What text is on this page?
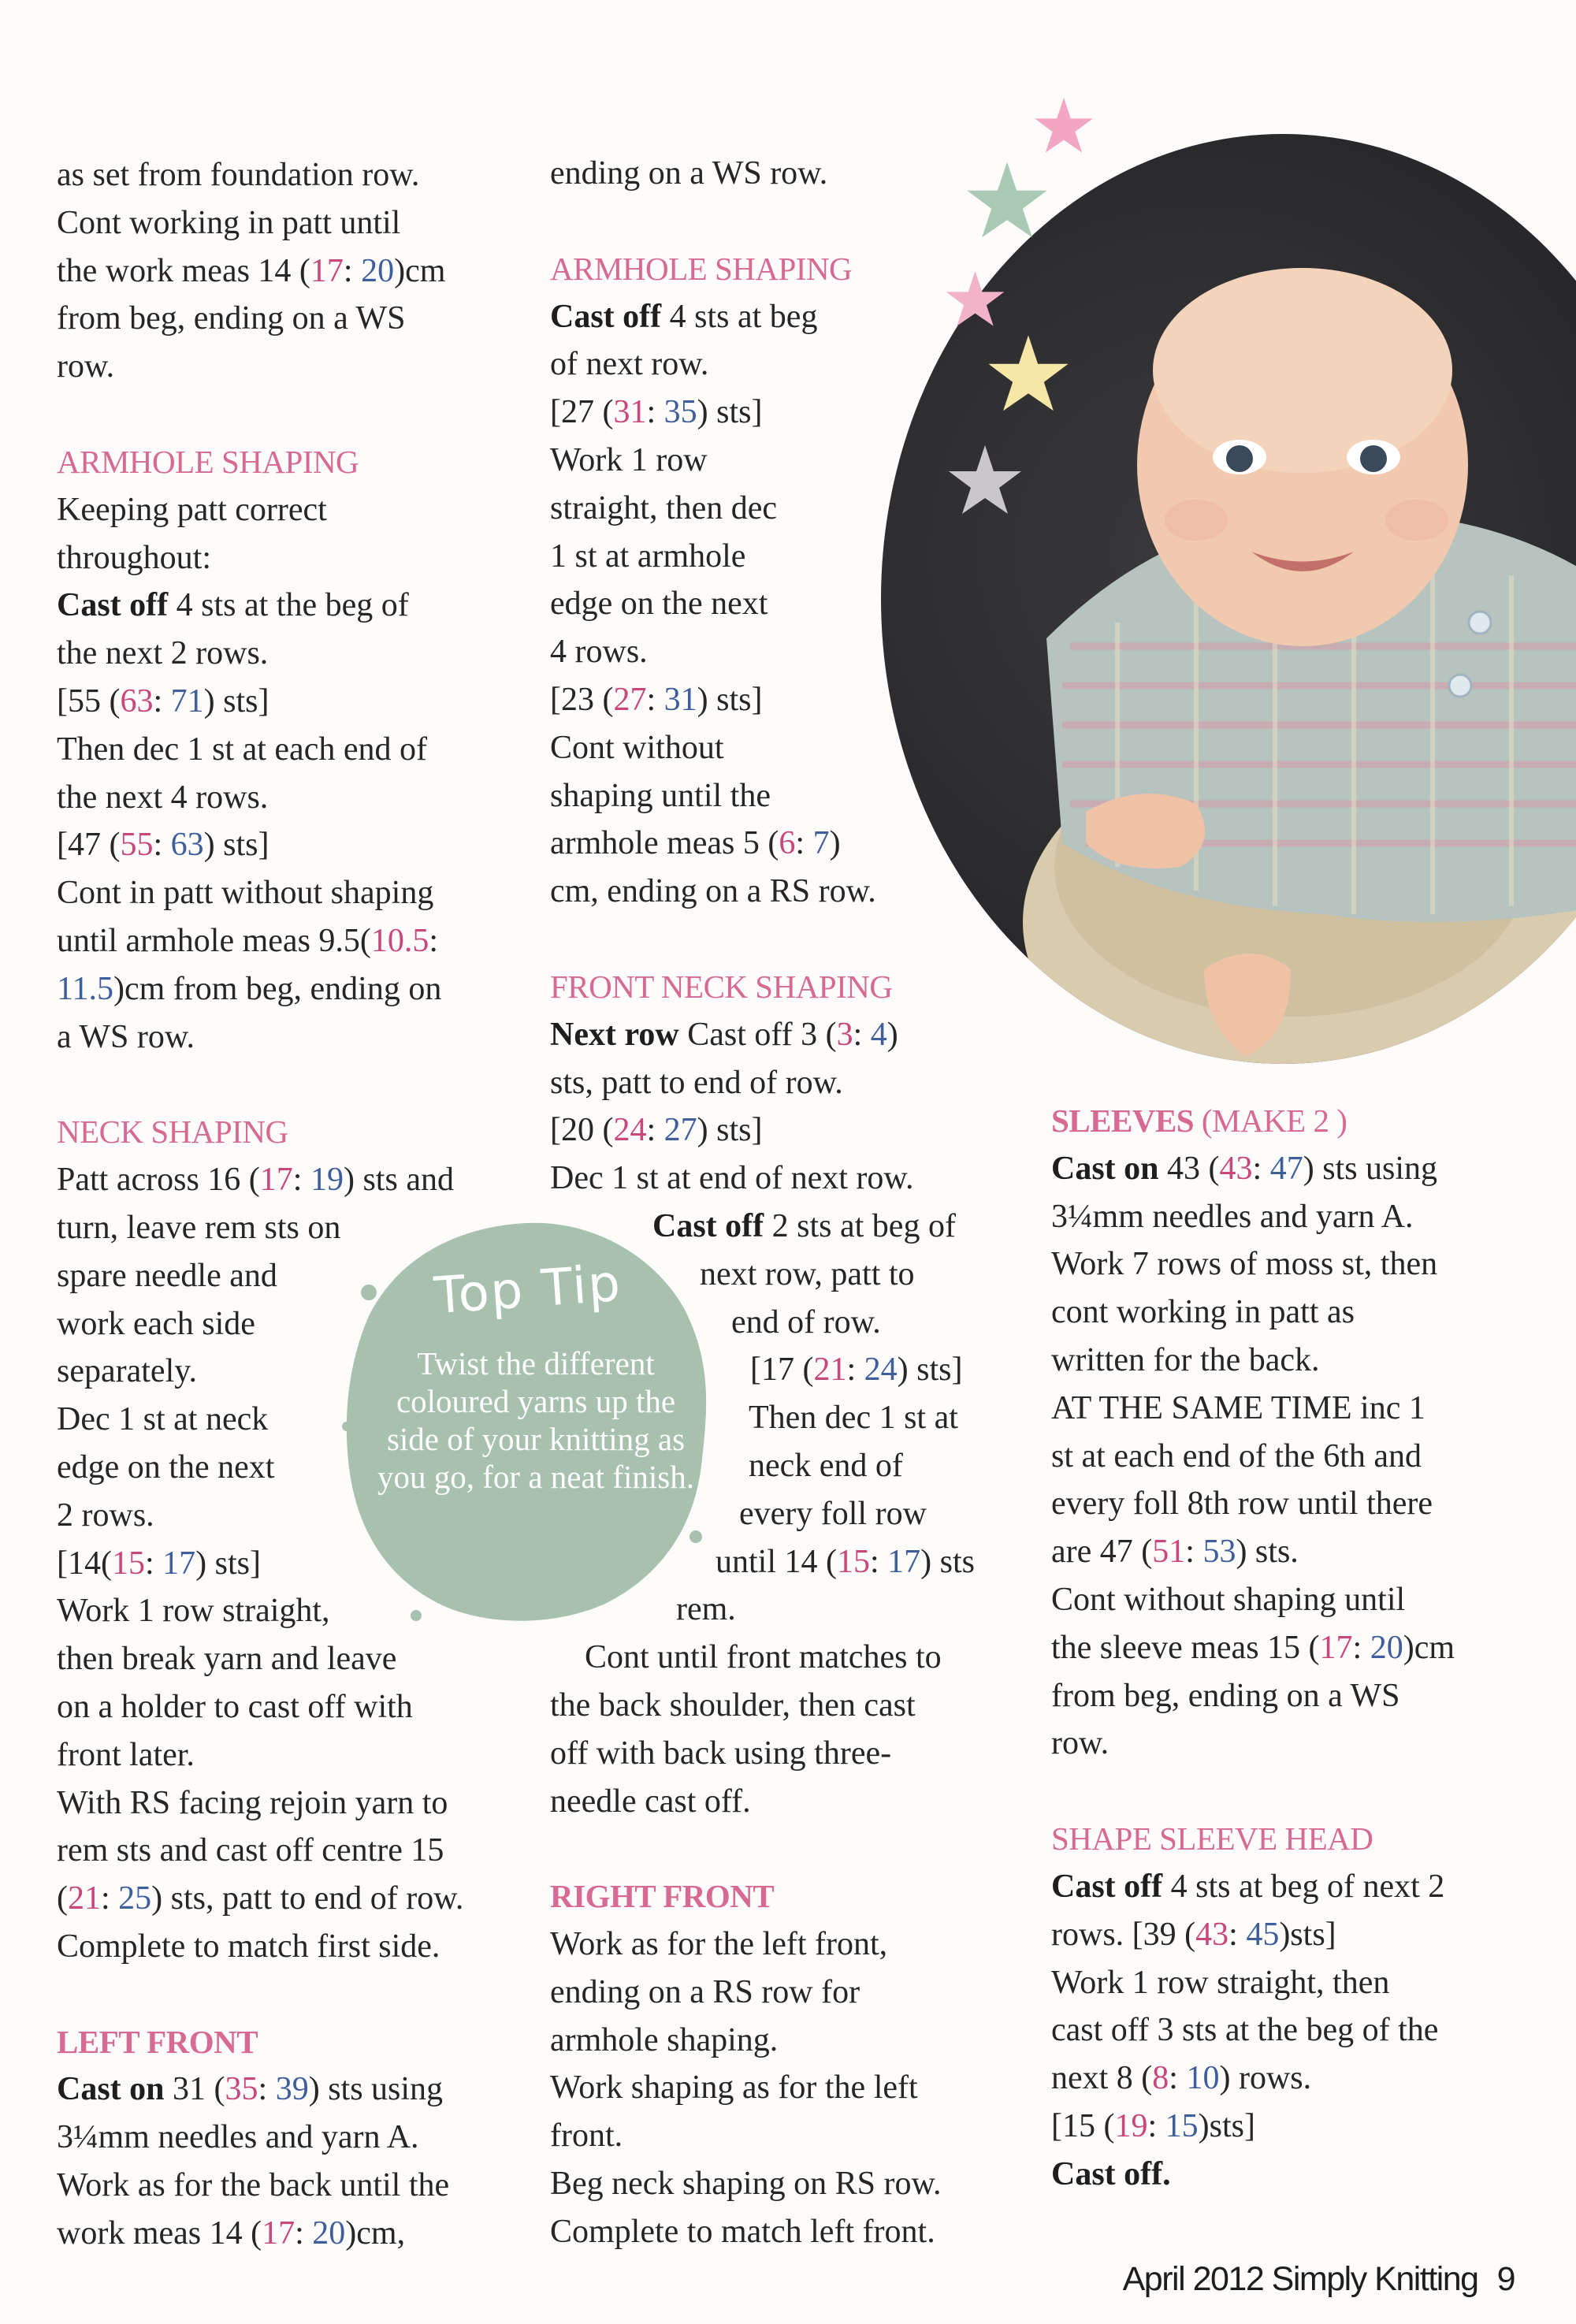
Top Tip
Twist the different coloured yarns up the side of your knitting as you go, for a neat finish.
as set from foundation row.
Cont working in patt until
the work meas 14 (17: 20)cm
from beg, ending on a WS
row.
ARMHOLE SHAPING
Keeping patt correct
throughout:
Cast off 4 sts at the beg of
the next 2 rows.
[55 (63: 71) sts]
Then dec 1 st at each end of
the next 4 rows.
[47 (55: 63) sts]
Cont in patt without shaping
until armhole meas 9.5(10.5:
11.5)cm from beg, ending on
a WS row.
NECK SHAPING
Patt across 16 (17: 19) sts and
turn, leave rem sts on
spare needle and
work each side
separately.
Dec 1 st at neck
edge on the next
2 rows.
[14(15: 17) sts]
Work 1 row straight,
then break yarn and leave
on a holder to cast off with
front later.
With RS facing rejoin yarn to
rem sts and cast off centre 15
(21: 25) sts, patt to end of row.
Complete to match first side.
LEFT FRONT
Cast on 31 (35: 39) sts using
3¼mm needles and yarn A.
Work as for the back until the
work meas 14 (17: 20)cm,
ending on a WS row.
ARMHOLE SHAPING
Cast off 4 sts at beg
of next row.
[27 (31: 35) sts]
Work 1 row
straight, then dec
1 st at armhole
edge on the next
4 rows.
[23 (27: 31) sts]
Cont without
shaping until the
armhole meas 5 (6: 7)
cm, ending on a RS row.
FRONT NECK SHAPING
Next row Cast off 3 (3: 4)
sts, patt to end of row.
[20 (24: 27) sts]
Dec 1 st at end of next row.
Cast off 2 sts at beg of
next row, patt to
end of row.
[17 (21: 24) sts]
Then dec 1 st at
neck end of
every foll row
until 14 (15: 17) sts
rem.
Cont until front matches to
the back shoulder, then cast
off with back using three-
needle cast off.
RIGHT FRONT
Work as for the left front,
ending on a RS row for
armhole shaping.
Work shaping as for the left
front.
Beg neck shaping on RS row.
Complete to match left front.
SLEEVES (MAKE 2 )
Cast on 43 (43: 47) sts using
3¼mm needles and yarn A.
Work 7 rows of moss st, then
cont working in patt as
written for the back.
AT THE SAME TIME inc 1
st at each end of the 6th and
every foll 8th row until there
are 47 (51: 53) sts.
Cont without shaping until
the sleeve meas 15 (17: 20)cm
from beg, ending on a WS
row.
SHAPE SLEEVE HEAD
Cast off 4 sts at beg of next 2
rows. [39 (43: 45)sts]
Work 1 row straight, then
cast off 3 sts at the beg of the
next 8 (8: 10) rows.
[15 (19: 15)sts]
Cast off.
April 2012 Simply Knitting 9
